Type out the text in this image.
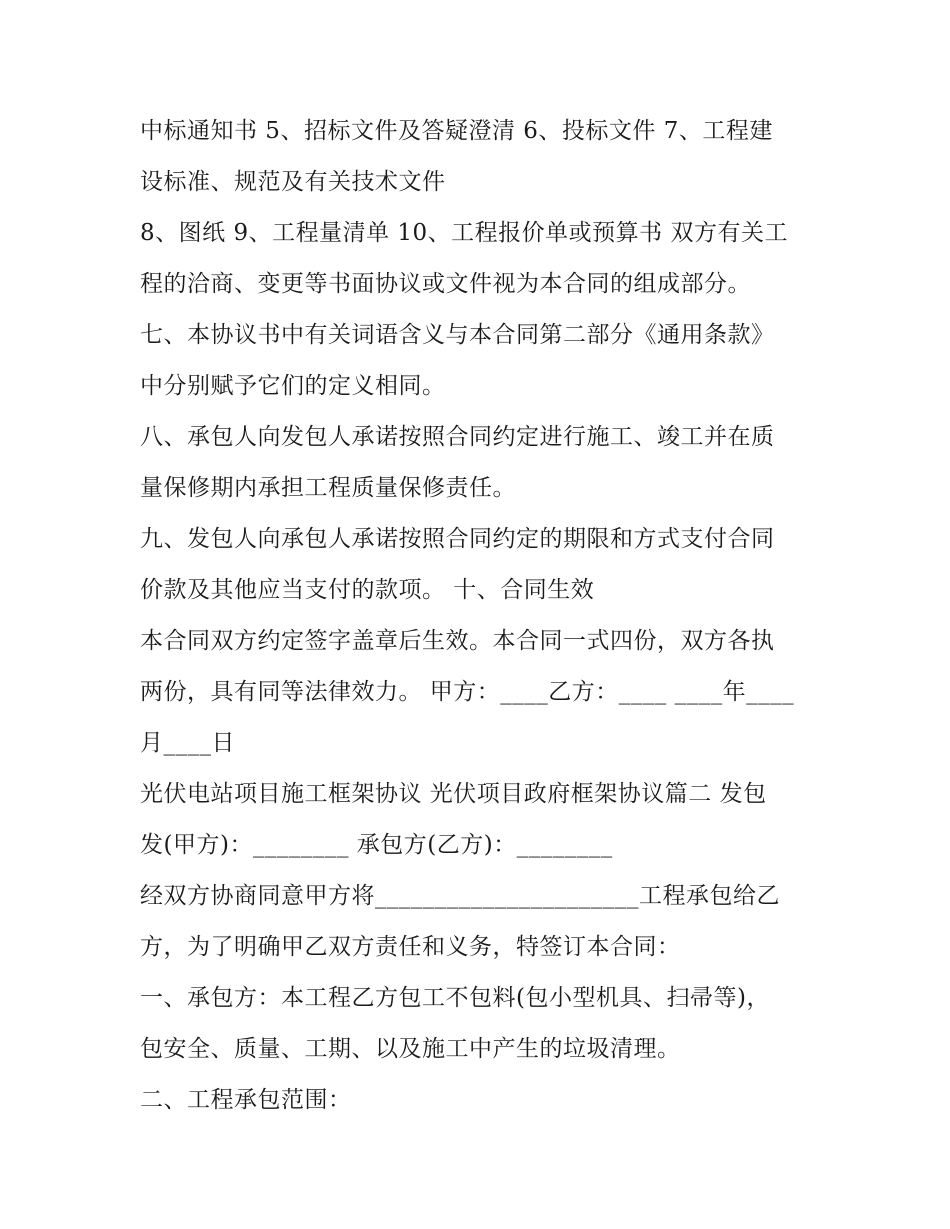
中标通知书 5、招标文件及答疑澄清 6、投标文件 7、工程建
设标准、规范及有关技术文件
8、图纸 9、工程量清单 10、工程报价单或预算书 双方有关工
程的洽商、变更等书面协议或文件视为本合同的组成部分。
七、本协议书中有关词语含义与本合同第二部分《通用条款》
中分别赋予它们的定义相同。
八、承包人向发包人承诺按照合同约定进行施工、竣工并在质
量保修期内承担工程质量保修责任。
九、发包人向承包人承诺按照合同约定的期限和方式支付合同
价款及其他应当支付的款项。 十、合同生效
本合同双方约定签字盖章后生效。本合同一式四份，双方各执
两份，具有同等法律效力。 甲方：____乙方：____ ____年____
月____日
光伏电站项目施工框架协议 光伏项目政府框架协议篇二 发包
发(甲方)：________ 承包方(乙方)：________
经双方协商同意甲方将______________________工程承包给乙
方，为了明确甲乙双方责任和义务，特签订本合同：
一、承包方：本工程乙方包工不包料(包小型机具、扫帚等)，
包安全、质量、工期、以及施工中产生的垃圾清理。
二、工程承包范围：
